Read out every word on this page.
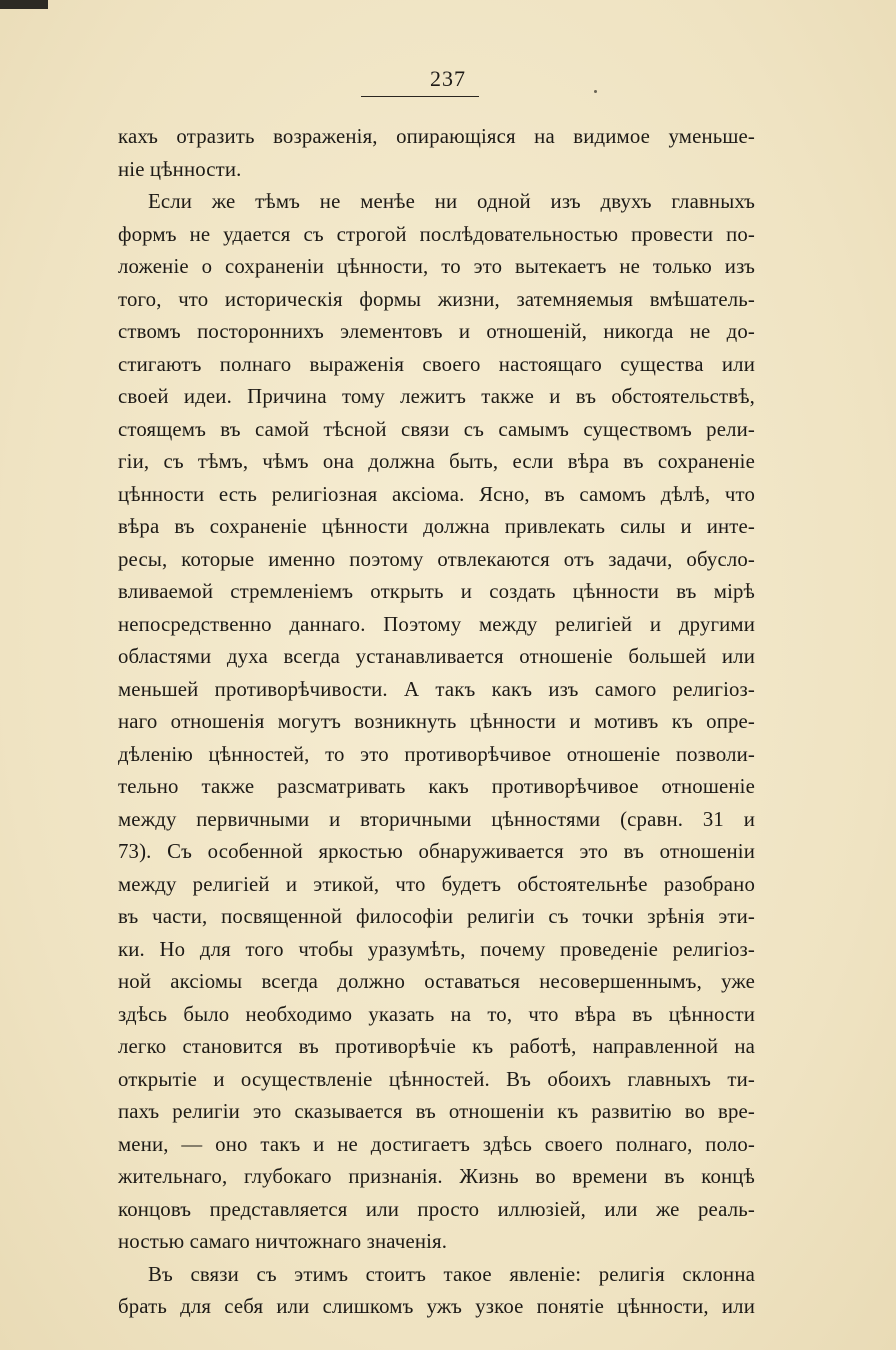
237
кахъ отразить возраженія, опирающіяся на видимое уменьше-
ніе цѣнности.
Если же тѣмъ не менѣе ни одной изъ двухъ главныхъ
формъ не удается съ строгой послѣдовательностью провести по-
ложеніе о сохраненіи цѣнности, то это вытекаетъ не только изъ
того, что историческія формы жизни, затемняемыя вмѣшатель-
ствомъ постороннихъ элементовъ и отношеній, никогда не до-
стигаютъ полнаго выраженія своего настоящаго существа или
своей идеи. Причина тому лежитъ также и въ обстоятельствѣ,
стоящемъ въ самой тѣсной связи съ самымъ существомъ рели-
гіи, съ тѣмъ, чѣмъ она должна быть, если вѣра въ сохраненіе
цѣнности есть религіозная аксіома. Ясно, въ самомъ дѣлѣ, что
вѣра въ сохраненіе цѣнности должна привлекать силы и инте-
ресы, которые именно поэтому отвлекаются отъ задачи, обусло-
вливаемой стремленіемъ открыть и создать цѣнности въ мірѣ
непосредственно даннаго. Поэтому между религіей и другими
областями духа всегда устанавливается отношеніе большей или
меньшей противорѣчивости. А такъ какъ изъ самого религіоз-
наго отношенія могутъ возникнуть цѣнности и мотивъ къ опре-
дѣленію цѣнностей, то это противорѣчивое отношеніе позволи-
тельно также разсматривать какъ противорѣчивое отношеніе
между первичными и вторичными цѣнностями (сравн. 31 и
73). Съ особенной яркостью обнаруживается это въ отношеніи
между религіей и этикой, что будетъ обстоятельнѣе разобрано
въ части, посвященной философіи религіи съ точки зрѣнія эти-
ки. Но для того чтобы уразумѣть, почему проведеніе религіоз-
ной аксіомы всегда должно оставаться несовершеннымъ, уже
здѣсь было необходимо указать на то, что вѣра въ цѣнности
легко становится въ противорѣчіе къ работѣ, направленной на
открытіе и осуществленіе цѣнностей. Въ обоихъ главныхъ ти-
пахъ религіи это сказывается въ отношеніи къ развитію во вре-
мени, — оно такъ и не достигаетъ здѣсь своего полнаго, поло-
жительнаго, глубокаго признанія. Жизнь во времени въ концѣ
концовъ представляется или просто иллюзіей, или же реаль-
ностью самаго ничтожнаго значенія.
Въ связи съ этимъ стоитъ такое явленіе: религія склонна
брать для себя или слишкомъ ужъ узкое понятіе цѣнности, или
